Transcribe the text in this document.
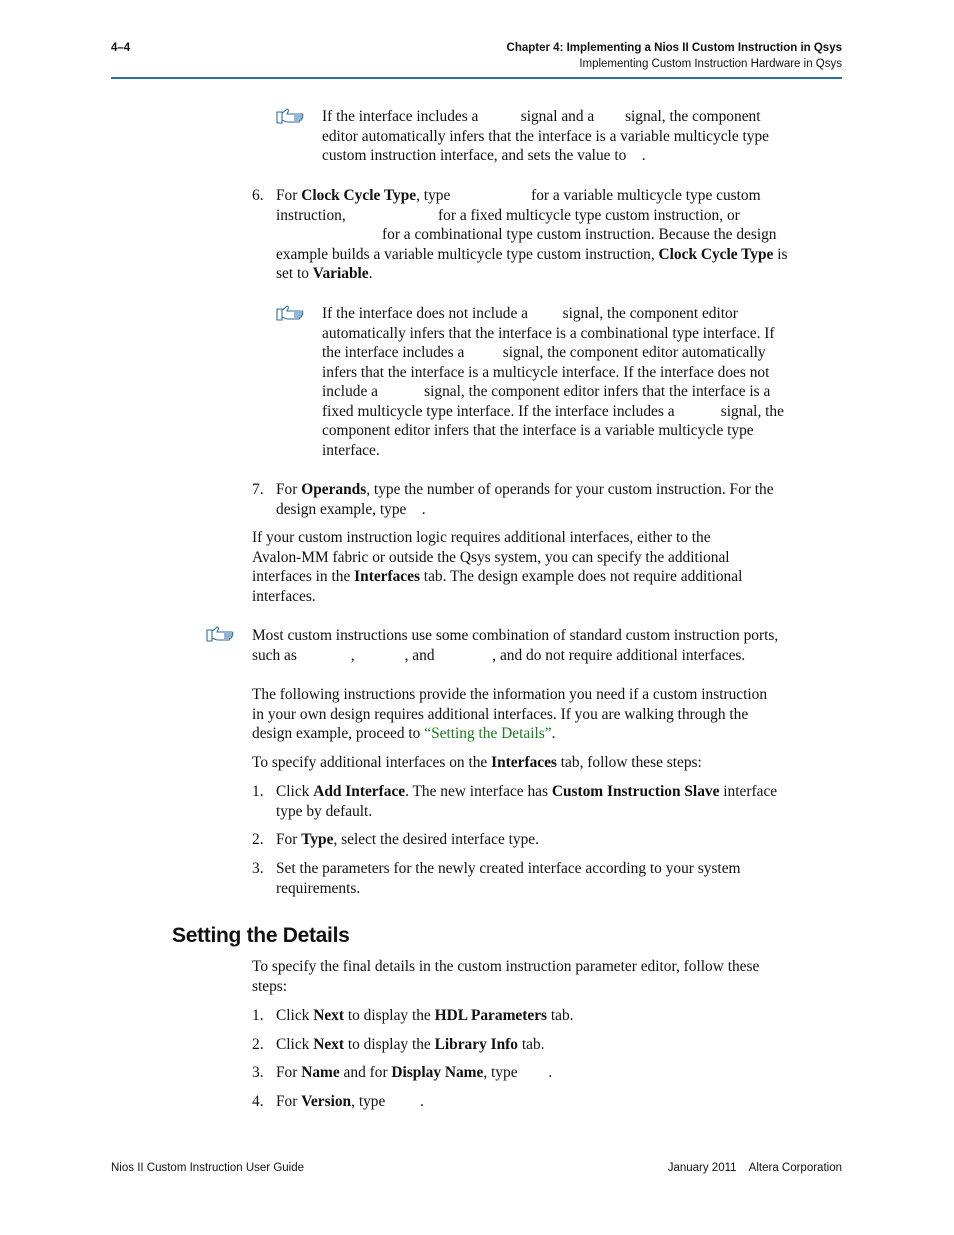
4–4	Chapter 4: Implementing a Nios II Custom Instruction in Qsys
Implementing Custom Instruction Hardware in Qsys
If the interface includes a           signal and a        signal, the component
editor automatically infers that the interface is a variable multicycle type
custom instruction interface, and sets the value to    .
6. For Clock Cycle Type, type                     for a variable multicycle type custom
instruction,                        for a fixed multicycle type custom instruction, or
for a combinational type custom instruction. Because the design
example builds a variable multicycle type custom instruction, Clock Cycle Type is
set to Variable.
If the interface does not include a         signal, the component editor
automatically infers that the interface is a combinational type interface. If
the interface includes a          signal, the component editor automatically
infers that the interface is a multicycle interface. If the interface does not
include a            signal, the component editor infers that the interface is a
fixed multicycle type interface. If the interface includes a            signal, the
component editor infers that the interface is a variable multicycle type
interface.
7. For Operands, type the number of operands for your custom instruction. For the
design example, type    .
If your custom instruction logic requires additional interfaces, either to the
Avalon-MM fabric or outside the Qsys system, you can specify the additional
interfaces in the Interfaces tab. The design example does not require additional
interfaces.
Most custom instructions use some combination of standard custom instruction ports,
such as              ,             , and               , and do not require additional interfaces.
The following instructions provide the information you need if a custom instruction
in your own design requires additional interfaces. If you are walking through the
design example, proceed to “Setting the Details”.
To specify additional interfaces on the Interfaces tab, follow these steps:
1. Click Add Interface. The new interface has Custom Instruction Slave interface
type by default.
2. For Type, select the desired interface type.
3. Set the parameters for the newly created interface according to your system
requirements.
Setting the Details
To specify the final details in the custom instruction parameter editor, follow these
steps:
1. Click Next to display the HDL Parameters tab.
2. Click Next to display the Library Info tab.
3. For Name and for Display Name, type        .
4. For Version, type         .
Nios II Custom Instruction User Guide	January 2011    Altera Corporation
